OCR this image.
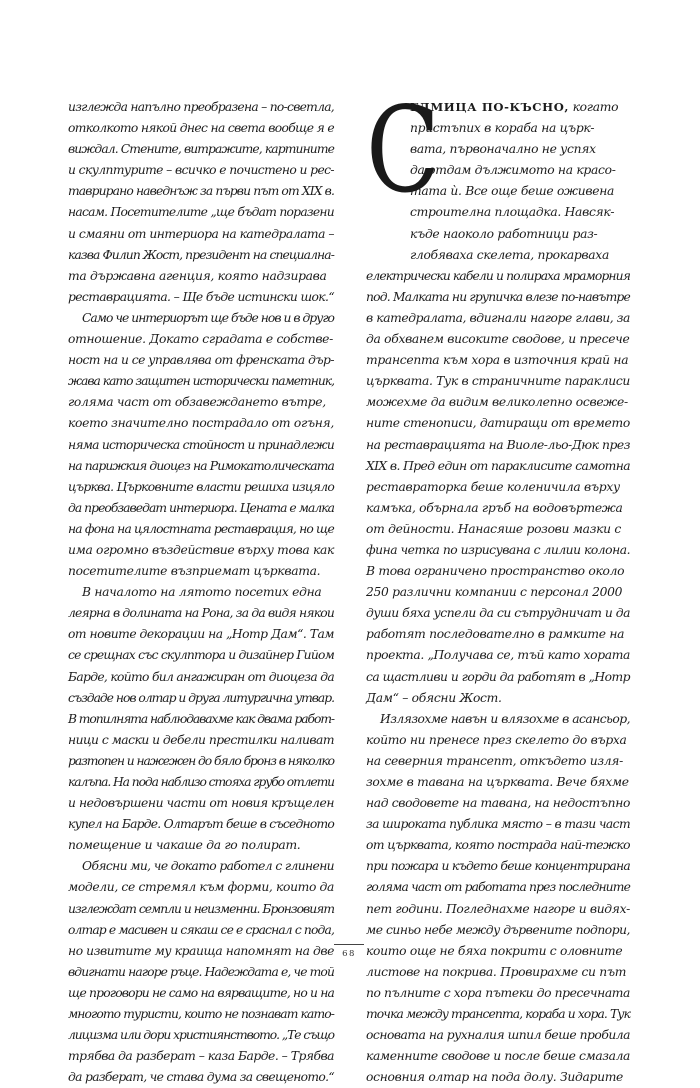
изглежда напълно преобразена – по-светла,
отколкото някой днес на света вообще я е
виждал. Стените, витражите, картините
и скулптурите – всичко е почистено и рес-
таврирано наведнъж за първи път от XIX в.
насам. Посетителите „ще бъдат поразени
и смаяни от интериора на катедралата –
казва Филип Жост, президент на специална-
та държавна агенция, която надзирава
реставрацията. – Ще бъде истински шок.“
Само че интериорът ще бъде нов и в друго
отношение. Докато сградата е собстве-
ност на и се управлява от френската дър-
жава като защитен исторически паметник,
голяма част от обзавеждането вътре,
което значително пострадало от огъня,
няма историческа стойност и принадлежи
на парижкия диоцез на Римокатолическата
църква. Църковните власти решиха изцяло
да преобзаведат интериора. Цената е малка
на фона на цялостната реставрация, но ще
има огромно въздействие върху това как
посетителите възприемат църквата.
В началото на лятото посетих една
леярна в долината на Рона, за да видя някои
от новите декорации на „Нотр Дам“. Там
се срещнах със скулптора и дизайнер Гийом
Барде, който бил ангажиран от диоцеза да
създаде нов олтар и друга литургична утвар.
В топилнята наблюдавахме как двама работ-
ници с маски и дебели престилки наливат
разтопен и нажежен до бяло бронз в няколко
калъпа. На пода наблизо стояха грубо отлети
и недовършени части от новия кръщелен
купел на Барде. Олтарът беше в съседното
помещение и чакаше да го полират.
Обясни ми, че докато работел с глинени
модели, се стремял към форми, които да
изглеждат семпли и неизменни. Бронзовият
олтар е масивен и сякаш се е сраснал с пода,
но извитите му краища напомнят на две
вдигнати нагоре ръце. Надеждата е, че той
ще проговори не само на вярващите, но и на
многото туристи, които не познават като-
лицизма или дори християнството. „Те също
трябва да разберат – каза Барде. – Трябва
да разберат, че става дума за свещеното.“
С
ЕДМИЦА ПО-КЪСНО, когато
пристъпих в кораба на църк-
вата, първоначално не успях
да отдам дължимото на красо-
тата ѝ. Все още беше оживена
строителна площадка. Навсяк-
къде наоколо работници раз-
глобяваха скелета, прокарваха
електрически кабели и полираха мраморния
под. Малката ни групичка влезе по-навътре
в катедралата, вдигнали нагоре глави, за
да обхванем високите сводове, и пресече
трансепта към хора в източния край на
църквата. Тук в страничните параклиси
можехме да видим великолепно освеже-
ните стенописи, датиращи от времето
на реставрацията на Виоле-льо-Дюк през
XIX в. Пред един от параклисите самотна
реставраторка беше коленичила върху
камъка, обърнала гръб на водовъртежа
от дейности. Нанасяше розови мазки с
фина четка по изрисувана с лилии колона.
В това ограничено пространство около
250 различни компании с персонал 2000
души бяха успели да си сътрудничат и да
работят последователно в рамките на
проекта. „Получава се, тъй като хората
са щастливи и горди да работят в „Нотр
Дам“ – обясни Жост.
Излязохме навън и влязохме в асансьор,
който ни пренесе през скелето до върха
на северния трансепт, откъдето изля-
зохме в тавана на църквата. Вече бяхме
над сводовете на тавана, на недостъпно
за широката публика място – в тази част
от църквата, която пострада най-тежко
при пожара и където беше концентрирана
голяма част от работата през последните
пет години. Погледнахме нагоре и видях-
ме синьо небе между дървените подпори,
които още не бяха покрити с оловните
листове на покрива. Провирахме си път
по пълните с хора пътеки до пресечната
точка между трансепта, кораба и хора. Тук
основата на рухналия шпил беше пробила
каменните сводове и после беше смазала
основния олтар на пода долу. Зидарите
68
